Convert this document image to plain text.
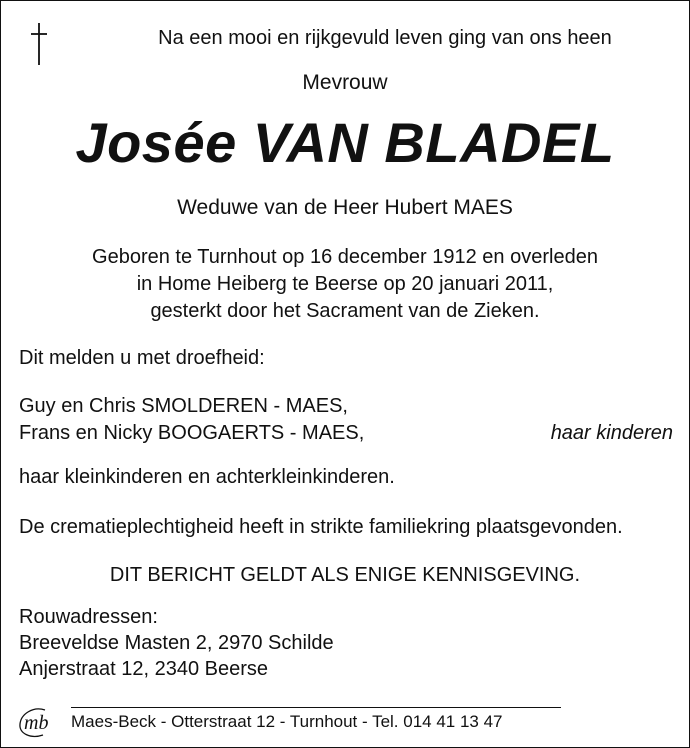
Na een mooi en rijkgevuld leven ging van ons heen
Mevrouw
Josée VAN BLADEL
Weduwe van de Heer Hubert MAES
Geboren te Turnhout op 16 december 1912 en overleden
in Home Heiberg te Beerse op 20 januari 2011,
gesterkt door het Sacrament van de Zieken.
Dit melden u met droefheid:
Guy en Chris SMOLDEREN - MAES,
Frans en Nicky BOOGAERTS - MAES,	haar kinderen
haar kleinkinderen en achterkleinkinderen.
De crematieplechtigheid heeft in strikte familiekring plaatsgevonden.
DIT BERICHT GELDT ALS ENIGE KENNISGEVING.
Rouwadressen:
Breeveldse Masten 2, 2970 Schilde
Anjerstraat 12, 2340 Beerse
mb Maes-Beck - Otterstraat 12 - Turnhout - Tel. 014 41 13 47
